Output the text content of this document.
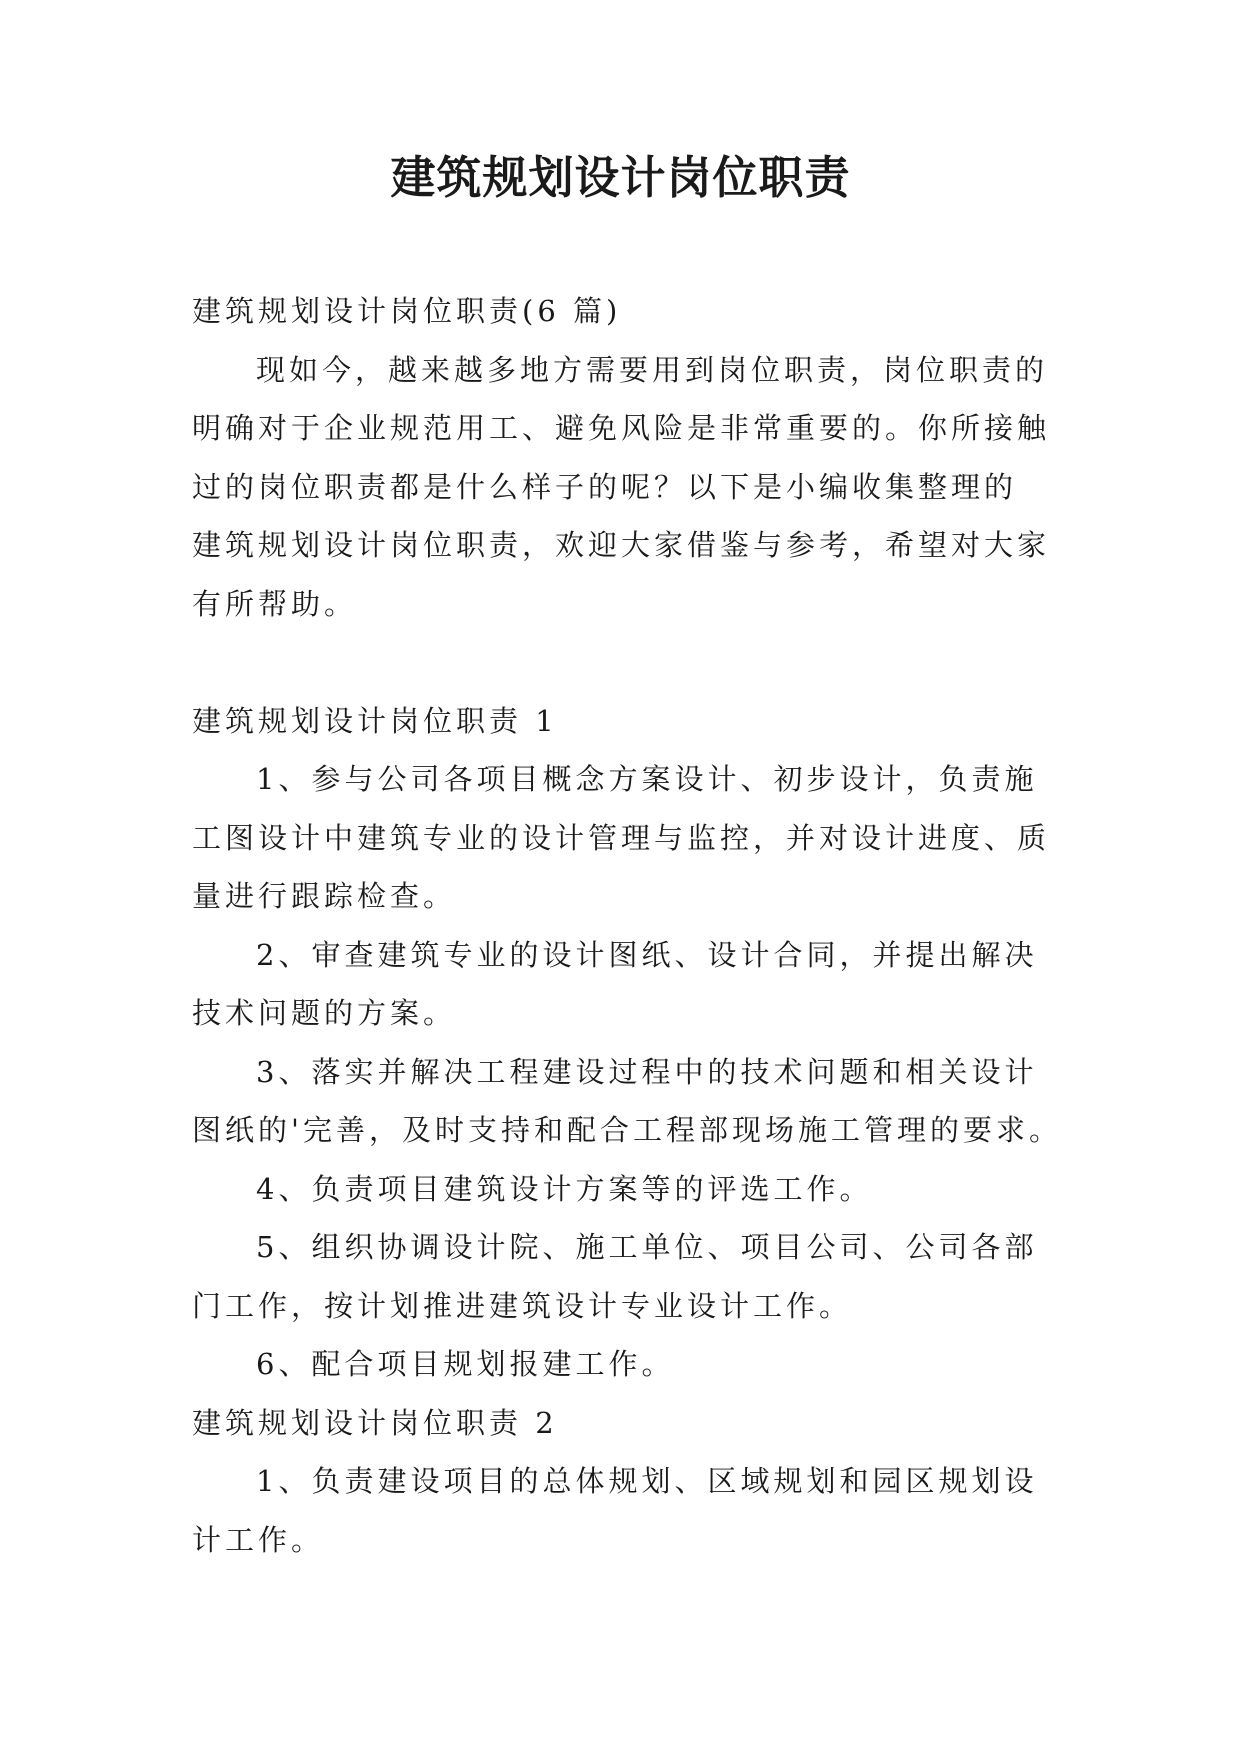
建筑规划设计岗位职责
建筑规划设计岗位职责(6 篇)
现如今，越来越多地方需要用到岗位职责，岗位职责的
明确对于企业规范用工、避免风险是非常重要的。你所接触
过的岗位职责都是什么样子的呢？以下是小编收集整理的
建筑规划设计岗位职责，欢迎大家借鉴与参考，希望对大家
有所帮助。
建筑规划设计岗位职责 1
1、参与公司各项目概念方案设计、初步设计，负责施
工图设计中建筑专业的设计管理与监控，并对设计进度、质
量进行跟踪检查。
2、审查建筑专业的设计图纸、设计合同，并提出解决
技术问题的方案。
3、落实并解决工程建设过程中的技术问题和相关设计
图纸的'完善，及时支持和配合工程部现场施工管理的要求。
4、负责项目建筑设计方案等的评选工作。
5、组织协调设计院、施工单位、项目公司、公司各部
门工作，按计划推进建筑设计专业设计工作。
6、配合项目规划报建工作。
建筑规划设计岗位职责 2
1、负责建设项目的总体规划、区域规划和园区规划设
计工作。
